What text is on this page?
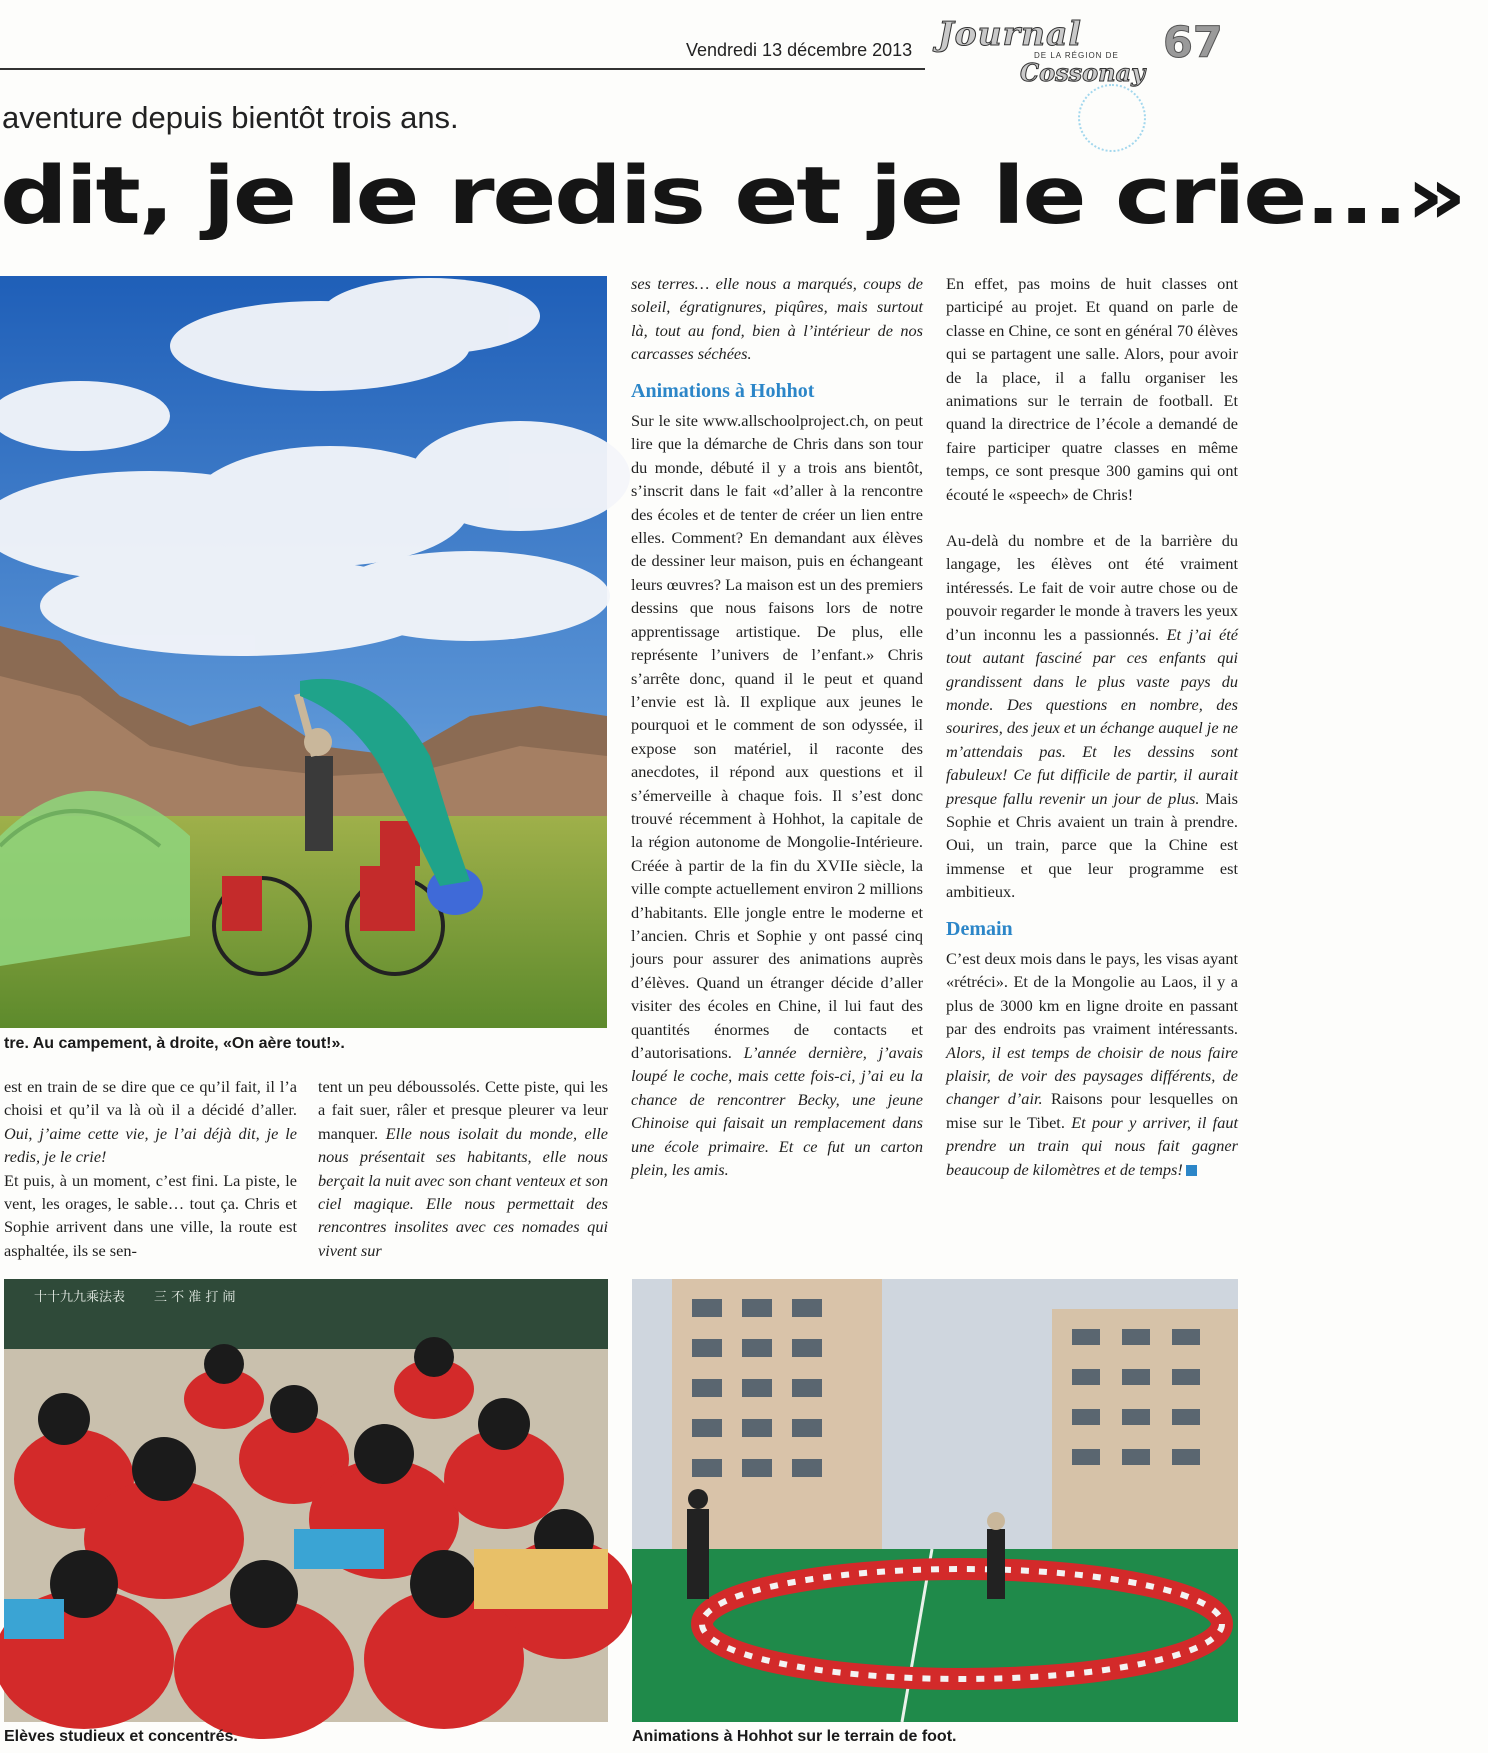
Vendredi 13 décembre 2013 Journal
DE LA RÉGION DE
Cossonay
67
aventure depuis bientôt trois ans.
dit, je le redis et je le crie...»
tre. Au campement, à droite, «On aère tout!».

est en train de se dire que ce qu’il fait, il l’a choisi et qu’il va là où il a décidé d’aller. Oui, j’aime cette vie, je l’ai déjà dit, je le redis, je le crie!

Et puis, à un moment, c’est fini. La piste, le vent, les orages, le sable… tout ça. Chris et Sophie arrivent dans une ville, la route est asphaltée, ils se sen-

tent un peu déboussolés. Cette piste, qui les a fait suer, râler et presque pleurer va leur manquer. Elle nous isolait du monde, elle nous présentait ses habitants, elle nous berçait la nuit avec son chant venteux et son ciel magique. Elle nous permettait des rencontres insolites avec ces nomades qui vivent sur

ses terres… elle nous a marqués, coups de soleil, égratignures, piqûres, mais surtout là, tout au fond, bien à l’intérieur de nos carcasses séchées.

Animations à Hohhot

Sur le site www.allschoolproject.ch, on peut lire que la démarche de Chris dans son tour du monde, débuté il y a trois ans bientôt, s’inscrit dans le fait «d’aller à la rencontre des écoles et de tenter de créer un lien entre elles. Comment? En demandant aux élèves de dessiner leur maison, puis en échangeant leurs œuvres? La maison est un des premiers dessins que nous faisons lors de notre apprentissage artistique. De plus, elle représente l’univers de l’enfant.» Chris s’arrête donc, quand il le peut et quand l’envie est là. Il explique aux jeunes le pourquoi et le comment de son odyssée, il expose son matériel, il raconte des anecdotes, il répond aux questions et il s’émerveille à chaque fois. Il s’est donc trouvé récemment à Hohhot, la capitale de la région autonome de Mongolie-Intérieure. Créée à partir de la fin du XVIIe siècle, la ville compte actuellement environ 2 millions d’habitants. Elle jongle entre le moderne et l’ancien. Chris et Sophie y ont passé cinq jours pour assurer des animations auprès d’élèves. Quand un étranger décide d’aller visiter des écoles en Chine, il lui faut des quantités énormes de contacts et d’autorisations. L’année dernière, j’avais loupé le coche, mais cette fois-ci, j’ai eu la chance de rencontrer Becky, une jeune Chinoise qui faisait un remplacement dans une école primaire. Et ce fut un carton plein, les amis.

En effet, pas moins de huit classes ont participé au projet. Et quand on parle de classe en Chine, ce sont en général 70 élèves qui se partagent une salle. Alors, pour avoir de la place, il a fallu organiser les animations sur le terrain de football. Et quand la directrice de l’école a demandé de faire participer quatre classes en même temps, ce sont presque 300 gamins qui ont écouté le «speech» de Chris!

Au-delà du nombre et de la barrière du langage, les élèves ont été vraiment intéressés. Le fait de voir autre chose ou de pouvoir regarder le monde à travers les yeux d’un inconnu les a passionnés. Et j’ai été tout autant fasciné par ces enfants qui grandissent dans le plus vaste pays du monde. Des questions en nombre, des sourires, des jeux et un échange auquel je ne m’attendais pas. Et les dessins sont fabuleux! Ce fut difficile de partir, il aurait presque fallu revenir un jour de plus. Mais Sophie et Chris avaient un train à prendre. Oui, un train, parce que la Chine est immense et que leur programme est ambitieux.

Demain

C’est deux mois dans le pays, les visas ayant «rétréci». Et de la Mongolie au Laos, il y a plus de 3000 km en ligne droite en passant par des endroits pas vraiment intéressants. Alors, il est temps de choisir de nous faire plaisir, de voir des paysages différents, de changer d’air. Raisons pour lesquelles on mise sur le Tibet. Et pour y arriver, il faut prendre un train qui nous fait gagner beaucoup de kilomètres et de temps!

十十九九乘法表 三 不 准 打 闹
Elèves studieux et concentrés.	Animations à Hohhot sur le terrain de foot.
